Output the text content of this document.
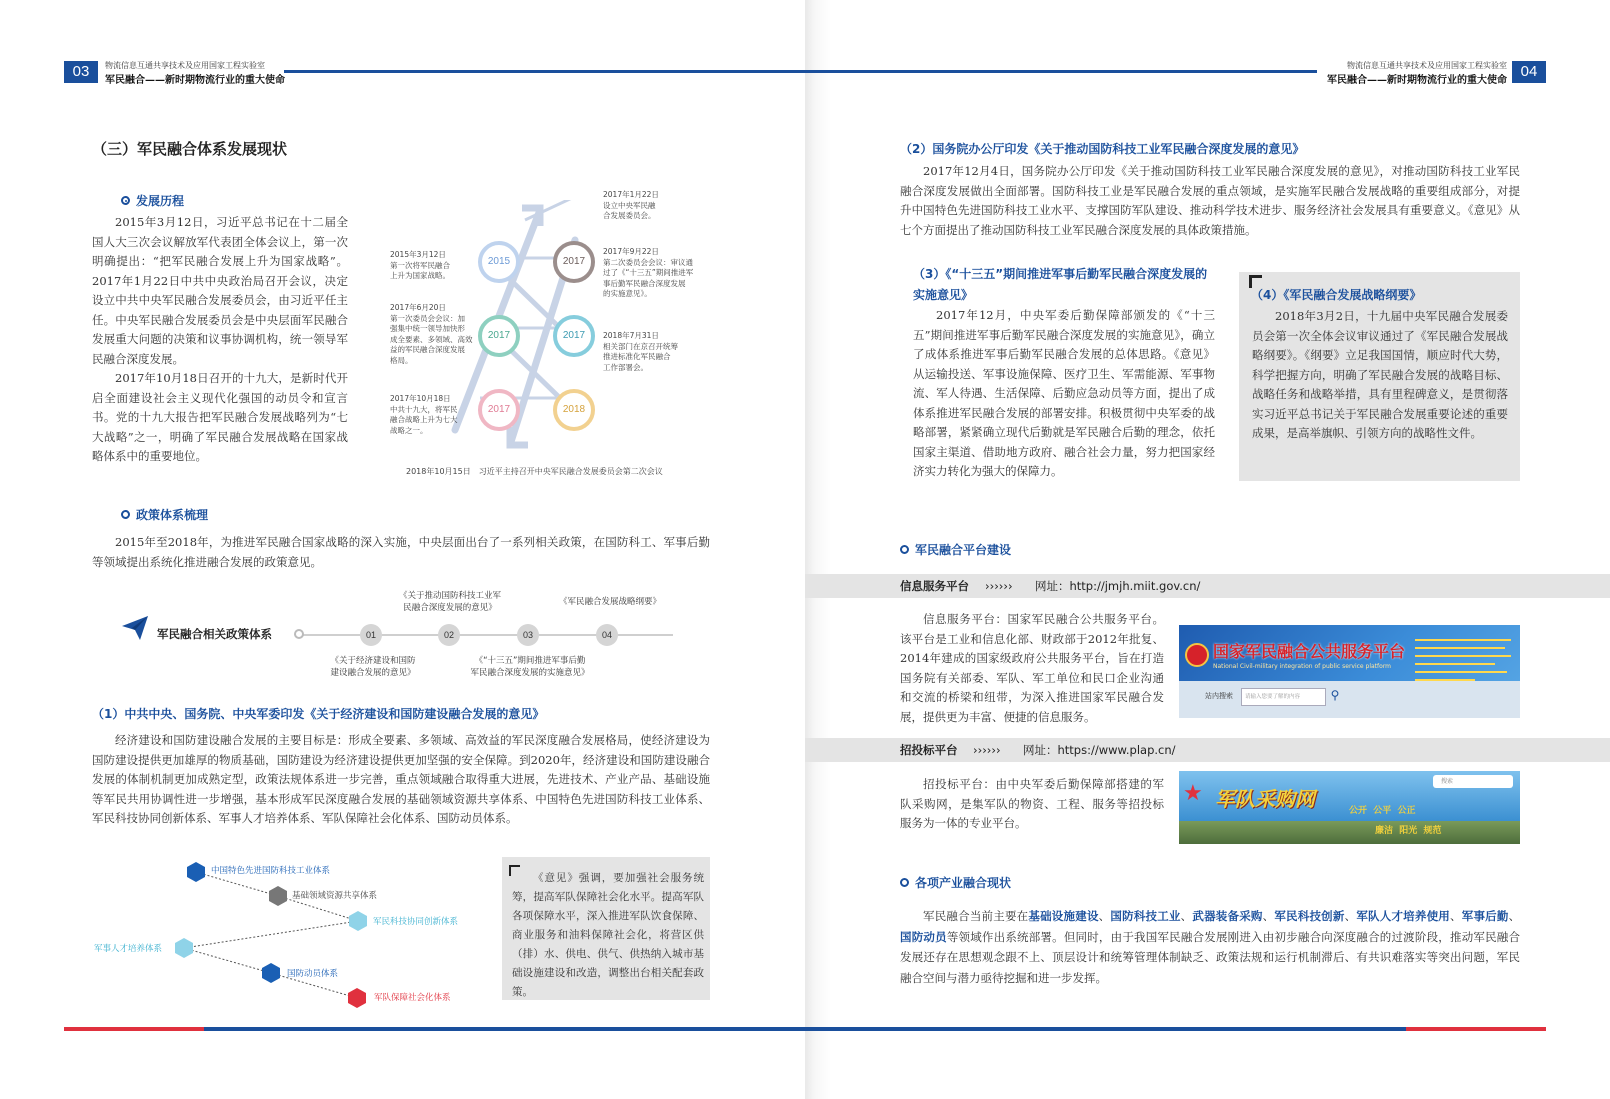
03	物流信息互通共享技术及应用国家工程实验室
军民融合——新时期物流行业的重大使命
（三）军民融合体系发展现状
发展历程
2015年3月12日，习近平总书记在十二届全国人大三次会议解放军代表团全体会议上，第一次明确提出：“把军民融合发展上升为国家战略”。2017年1月22日中共中央政治局召开会议，决定设立中共中央军民融合发展委员会，由习近平任主任。中央军民融合发展委员会是中央层面军民融合发展重大问题的决策和议事协调机构，统一领导军民融合深度发展。
2017年10月18日召开的十九大，是新时代开启全面建设社会主义现代化强国的动员令和宣言书。党的十九大报告把军民融合发展战略列为“七大战略”之一，明确了军民融合发展战略在国家战略体系中的重要地位。
2015	2017
2017	2017
2017	2018
2015年3月12日
第一次将军民融合
上升为国家战略。
2017年1月22日
设立中央军民融
合发展委员会。
2017年9月22日
第二次委员会会议：审议通
过了《“十三五”期间推进军
事后勤军民融合深度发展
的实施意见》。
2017年6月20日
第一次委员会会议：加
强集中统一领导加快形
成全要素、多领域、高效
益的军民融合深度发展
格局。
2018年7月31日
相关部门在京召开统筹
推进标准化军民融合
工作部署会。
2017年10月18日
中共十九大，将军民
融合战略上升为七大
战略之一。
2018年10月15日　习近平主持召开中央军民融合发展委员会第二次会议
政策体系梳理
2015年至2018年，为推进军民融合国家战略的深入实施，中央层面出台了一系列相关政策，在国防科工、军事后勤等领域提出系统化推进融合发展的政策意见。
军民融合相关政策体系	01	02	03	04
《关于推动国防科技工业军
民融合深度发展的意见》
《军民融合发展战略纲要》
《关于经济建设和国防
建设融合发展的意见》
《“十三五”期间推进军事后勤
军民融合深度发展的实施意见》
（1）中共中央、国务院、中央军委印发《关于经济建设和国防建设融合发展的意见》
经济建设和国防建设融合发展的主要目标是：形成全要素、多领域、高效益的军民深度融合发展格局，使经济建设为国防建设提供更加雄厚的物质基础，国防建设为经济建设提供更加坚强的安全保障。到2020年，经济建设和国防建设融合发展的体制机制更加成熟定型，政策法规体系进一步完善，重点领域融合取得重大进展，先进技术、产业产品、基础设施等军民共用协调性进一步增强，基本形成军民深度融合发展的基础领域资源共享体系、中国特色先进国防科技工业体系、军民科技协同创新体系、军事人才培养体系、军队保障社会化体系、国防动员体系。
中国特色先进国防科技工业体系
基础领域资源共享体系
军民科技协同创新体系
军事人才培养体系
国防动员体系
军队保障社会化体系
《意见》强调，要加强社会服务统筹，提高军队保障社会化水平。提高军队各项保障水平，深入推进军队饮食保障、商业服务和油料保障社会化，将营区供（排）水、供电、供气、供热纳入城市基础设施建设和改造，调整出台相关配套政策。
物流信息互通共享技术及应用国家工程实验室
军民融合——新时期物流行业的重大使命
04
（2）国务院办公厅印发《关于推动国防科技工业军民融合深度发展的意见》
2017年12月4日，国务院办公厅印发《关于推动国防科技工业军民融合深度发展的意见》，对推动国防科技工业军民融合深度发展做出全面部署。国防科技工业是军民融合发展的重点领域，是实施军民融合发展战略的重要组成部分，对提升中国特色先进国防科技工业水平、支撑国防军队建设、推动科学技术进步、服务经济社会发展具有重要意义。《意见》从七个方面提出了推动国防科技工业军民融合深度发展的具体政策措施。
（3）《“十三五”期间推进军事后勤军民融合深度发展的实施意见》
2017年12月，中央军委后勤保障部颁发的《“十三五”期间推进军事后勤军民融合深度发展的实施意见》，确立了成体系推进军事后勤军民融合发展的总体思路。《意见》从运输投送、军事设施保障、医疗卫生、军需能源、军事物流、军人待遇、生活保障、后勤应急动员等方面，提出了成体系推进军民融合发展的部署安排。积极贯彻中央军委的战略部署，紧紧确立现代后勤就是军民融合后勤的理念，依托国家主渠道、借助地方政府、融合社会力量，努力把国家经济实力转化为强大的保障力。
（4）《军民融合发展战略纲要》
2018年3月2日，十九届中央军民融合发展委员会第一次全体会议审议通过了《军民融合发展战略纲要》。《纲要》立足我国国情，顺应时代大势，科学把握方向，明确了军民融合发展的战略目标、战略任务和战略举措，具有里程碑意义，是贯彻落实习近平总书记关于军民融合发展重要论述的重要成果，是高举旗帜、引领方向的战略性文件。
军民融合平台建设
信息服务平台 ›››››› 网址：http://jmjh.miit.gov.cn/
信息服务平台：国家军民融合公共服务平台。该平台是工业和信息化部、财政部于2012年批复、2014年建成的国家级政府公共服务平台，旨在打造国务院有关部委、军队、军工单位和民口企业沟通和交流的桥梁和纽带，为深入推进国家军民融合发展，提供更为丰富、便捷的信息服务。
国家军民融合公共服务平台
National Civil-military integration of public service platform
站内搜索	请输入您要了解的内容	⚲
招投标平台 ›››››› 网址：https://www.plap.cn/
招投标平台：由中央军委后勤保障部搭建的军队采购网，是集军队的物资、工程、服务等招投标服务为一体的专业平台。
★ 军队采购网
搜索
公开  公平  公正
廉洁  阳光  规范
各项产业融合现状
军民融合当前主要在基础设施建设、国防科技工业、武器装备采购、军民科技创新、军队人才培养使用、军事后勤、国防动员等领域作出系统部署。但同时，由于我国军民融合发展刚进入由初步融合向深度融合的过渡阶段，推动军民融合发展还存在思想观念跟不上、顶层设计和统筹管理体制缺乏、政策法规和运行机制滞后、有共识难落实等突出问题，军民融合空间与潜力亟待挖掘和进一步发挥。
